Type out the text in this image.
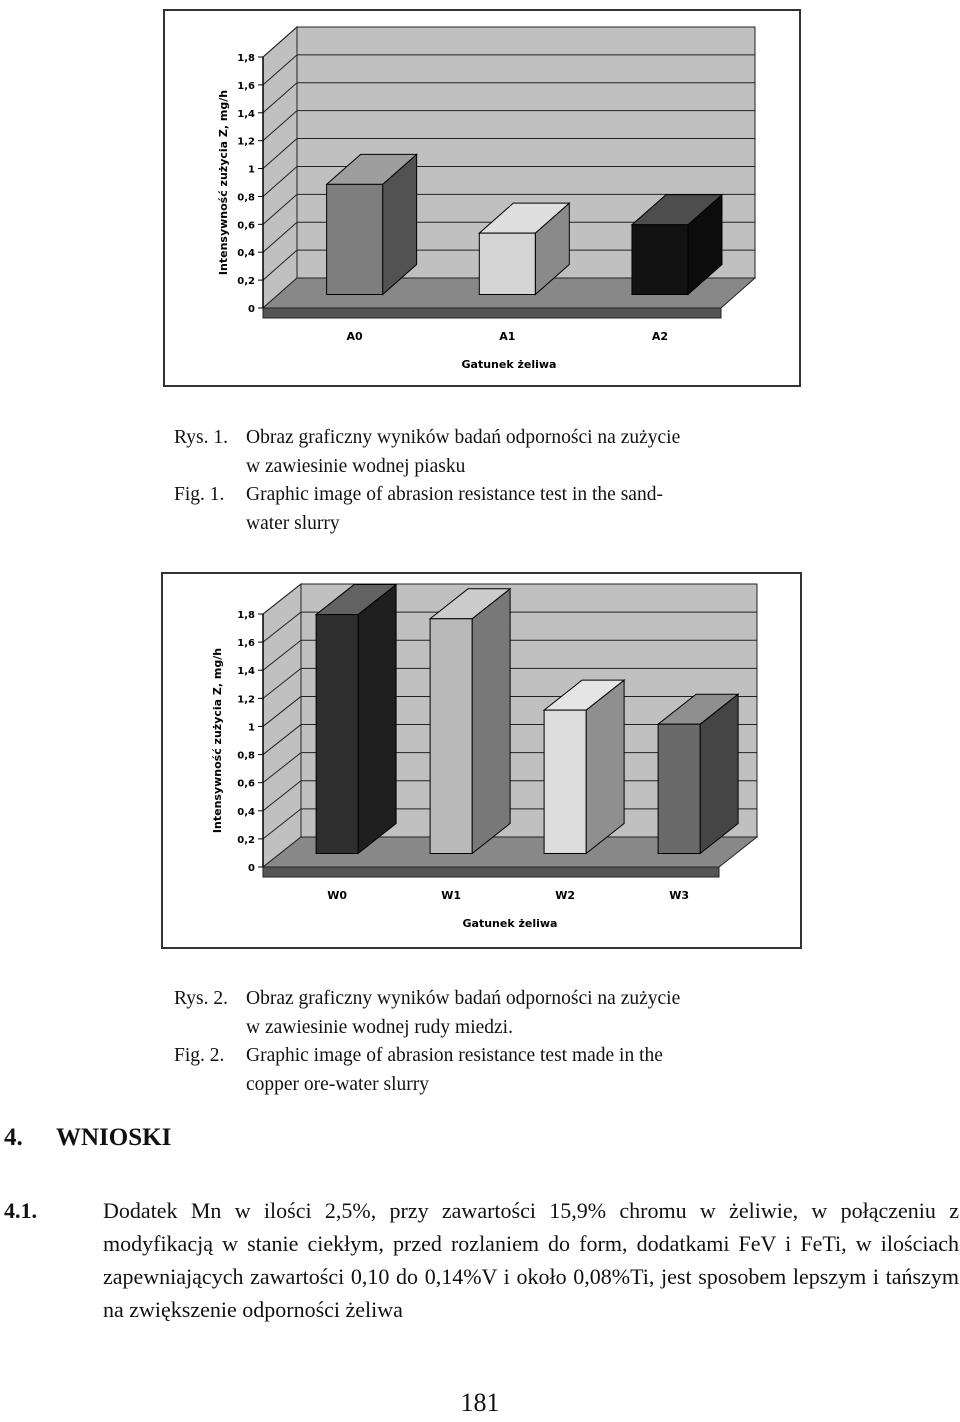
0
0,2
0,4
0,6
0,8
1
1,2
1,4
1,6
1,8
A0	A1	A2
Intensywność zużycia Z, mg/h
Gatunek żeliwa
Rys. 1. Obraz graficzny wyników badań odporności na zużycie
w zawiesinie wodnej piasku
Fig. 1. Graphic image of abrasion resistance test in the sand-
water slurry
0
0,2
0,4
0,6
0,8
1
1,2
1,4
1,6
1,8
W0	W1	W2	W3
Intensywność zużycia Z, mg/h
Gatunek żeliwa
Rys. 2. Obraz graficzny wyników badań odporności na zużycie
w zawiesinie wodnej rudy miedzi.
Fig. 2. Graphic image of abrasion resistance test made in the
copper ore-water slurry
4. WNIOSKI
4.1.	Dodatek Mn w ilości 2,5%, przy zawartości 15,9% chromu w żeliwie, w połączeniu z modyfikacją w stanie ciekłym, przed rozlaniem do form, dodatkami FeV i FeTi, w ilościach zapewniających zawartości 0,10 do 0,14%V i około 0,08%Ti, jest sposobem lepszym i tańszym na zwiększenie odporności żeliwa
181
